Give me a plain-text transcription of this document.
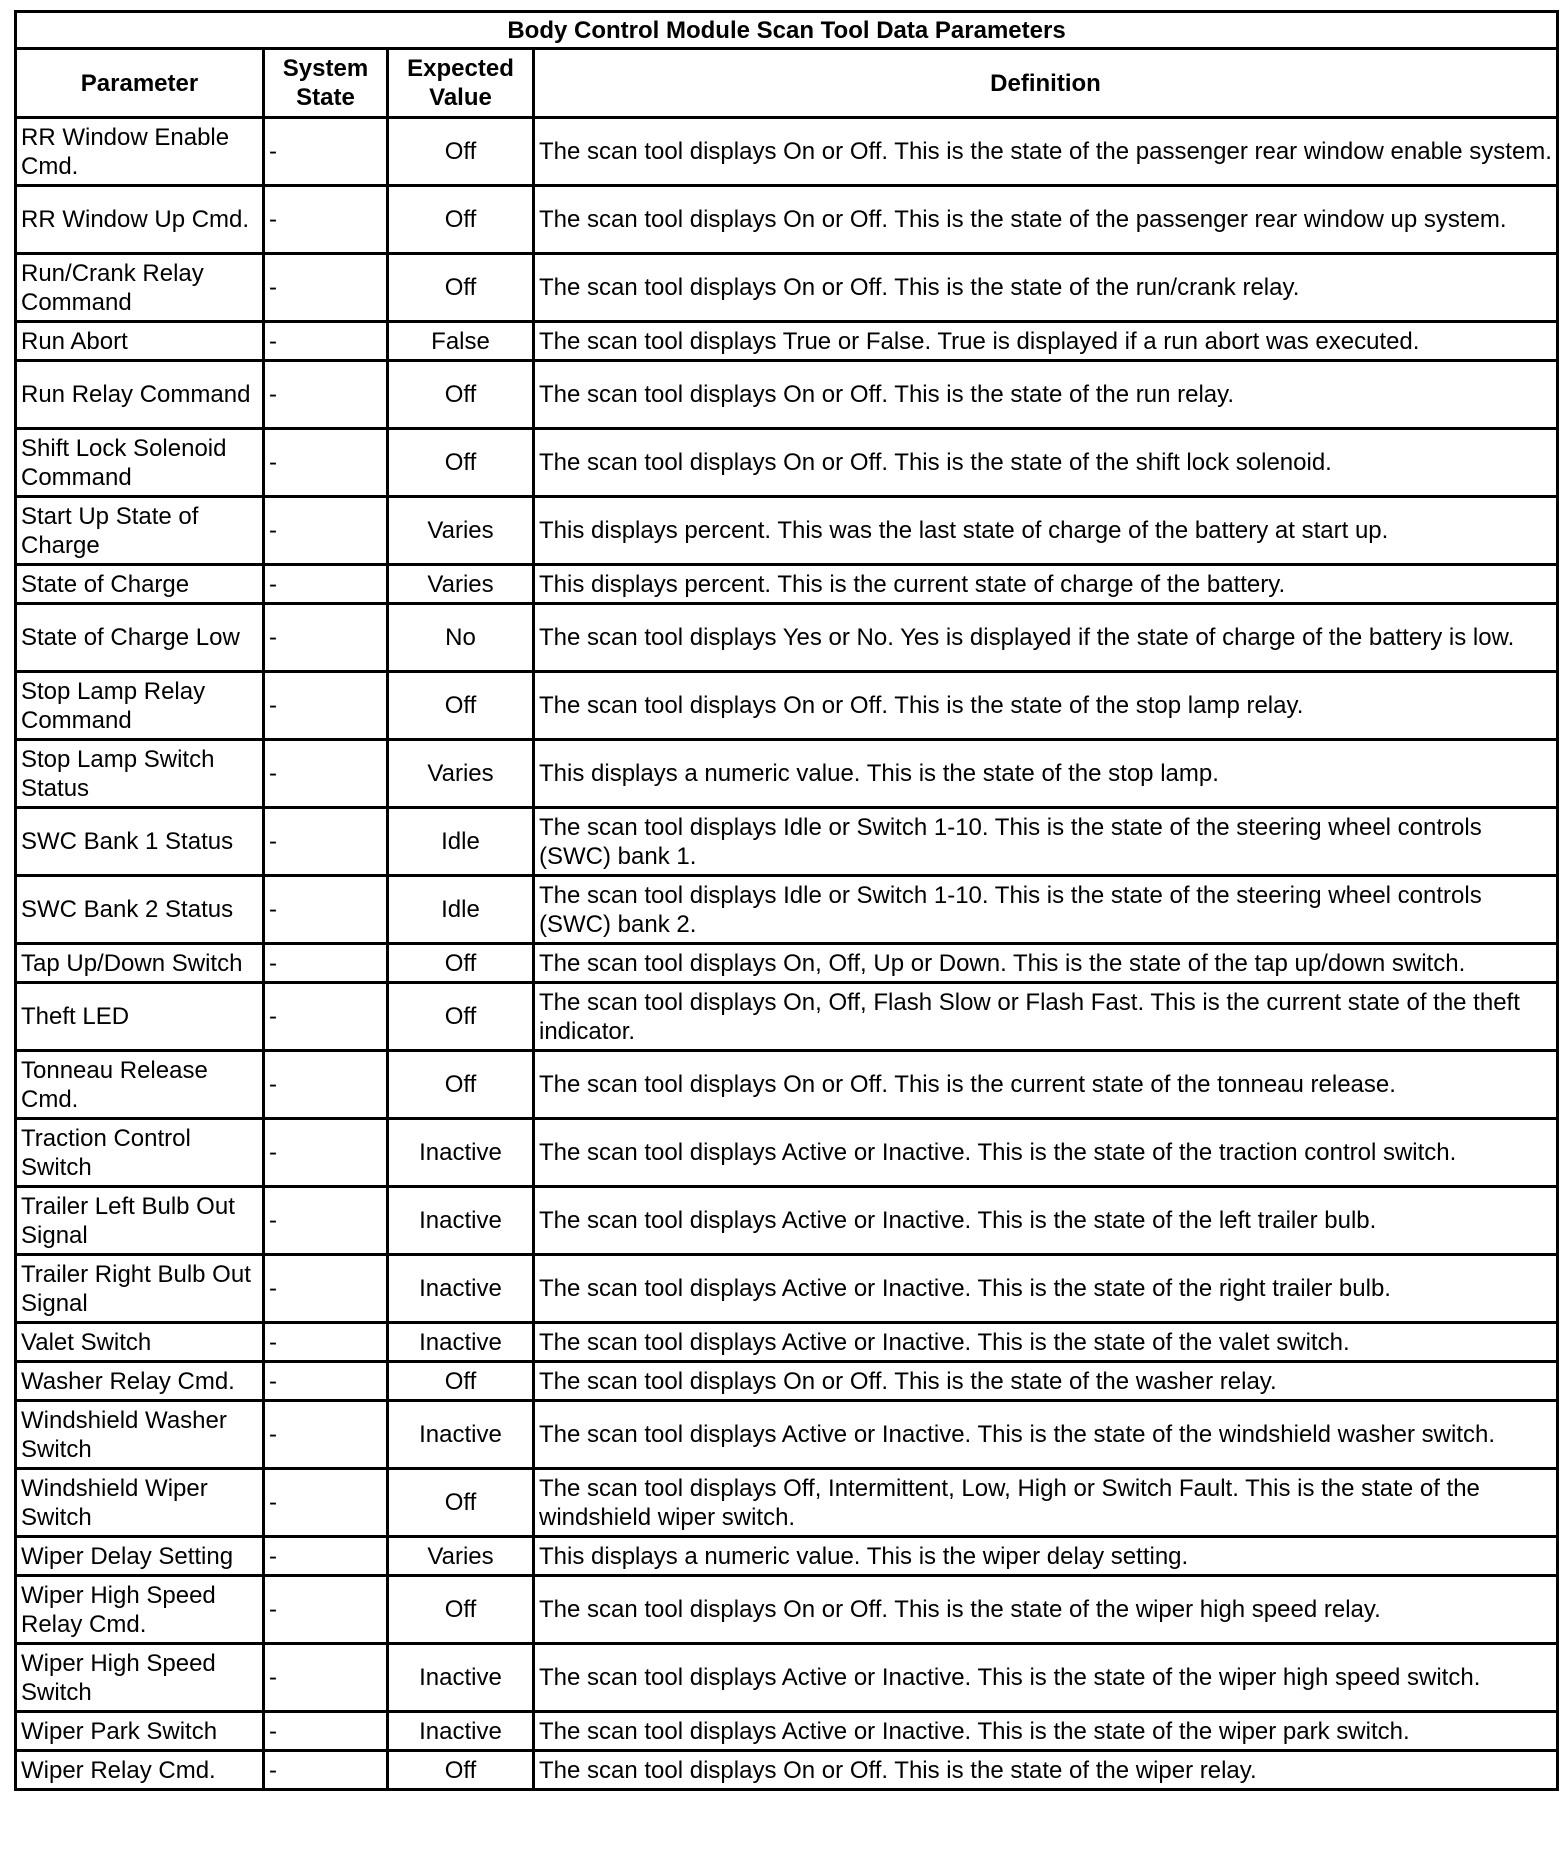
Body Control Module Scan Tool Data Parameters			
Parameter	System State	Expected Value	Definition
RR Window Enable Cmd.	-	Off	The scan tool displays On or Off. This is the state of the passenger rear window enable system.
RR Window Up Cmd.	-	Off	The scan tool displays On or Off. This is the state of the passenger rear window up system.
Run/Crank Relay Command	-	Off	The scan tool displays On or Off. This is the state of the run/crank relay.
Run Abort	-	False	The scan tool displays True or False. True is displayed if a run abort was executed.
Run Relay Command	-	Off	The scan tool displays On or Off. This is the state of the run relay.
Shift Lock Solenoid Command	-	Off	The scan tool displays On or Off. This is the state of the shift lock solenoid.
Start Up State of Charge	-	Varies	This displays percent. This was the last state of charge of the battery at start up.
State of Charge	-	Varies	This displays percent. This is the current state of charge of the battery.
State of Charge Low	-	No	The scan tool displays Yes or No. Yes is displayed if the state of charge of the battery is low.
Stop Lamp Relay Command	-	Off	The scan tool displays On or Off. This is the state of the stop lamp relay.
Stop Lamp Switch Status	-	Varies	This displays a numeric value. This is the state of the stop lamp.
SWC Bank 1 Status	-	Idle	The scan tool displays Idle or Switch 1-10. This is the state of the steering wheel controls (SWC) bank 1.
SWC Bank 2 Status	-	Idle	The scan tool displays Idle or Switch 1-10. This is the state of the steering wheel controls (SWC) bank 2.
Tap Up/Down Switch	-	Off	The scan tool displays On, Off, Up or Down. This is the state of the tap up/down switch.
Theft LED	-	Off	The scan tool displays On, Off, Flash Slow or Flash Fast. This is the current state of the theft indicator.
Tonneau Release Cmd.	-	Off	The scan tool displays On or Off. This is the current state of the tonneau release.
Traction Control Switch	-	Inactive	The scan tool displays Active or Inactive. This is the state of the traction control switch.
Trailer Left Bulb Out Signal	-	Inactive	The scan tool displays Active or Inactive. This is the state of the left trailer bulb.
Trailer Right Bulb Out Signal	-	Inactive	The scan tool displays Active or Inactive. This is the state of the right trailer bulb.
Valet Switch	-	Inactive	The scan tool displays Active or Inactive. This is the state of the valet switch.
Washer Relay Cmd.	-	Off	The scan tool displays On or Off. This is the state of the washer relay.
Windshield Washer Switch	-	Inactive	The scan tool displays Active or Inactive. This is the state of the windshield washer switch.
Windshield Wiper Switch	-	Off	The scan tool displays Off, Intermittent, Low, High or Switch Fault. This is the state of the windshield wiper switch.
Wiper Delay Setting	-	Varies	This displays a numeric value. This is the wiper delay setting.
Wiper High Speed Relay Cmd.	-	Off	The scan tool displays On or Off. This is the state of the wiper high speed relay.
Wiper High Speed Switch	-	Inactive	The scan tool displays Active or Inactive. This is the state of the wiper high speed switch.
Wiper Park Switch	-	Inactive	The scan tool displays Active or Inactive. This is the state of the wiper park switch.
Wiper Relay Cmd.	-	Off	The scan tool displays On or Off. This is the state of the wiper relay.
